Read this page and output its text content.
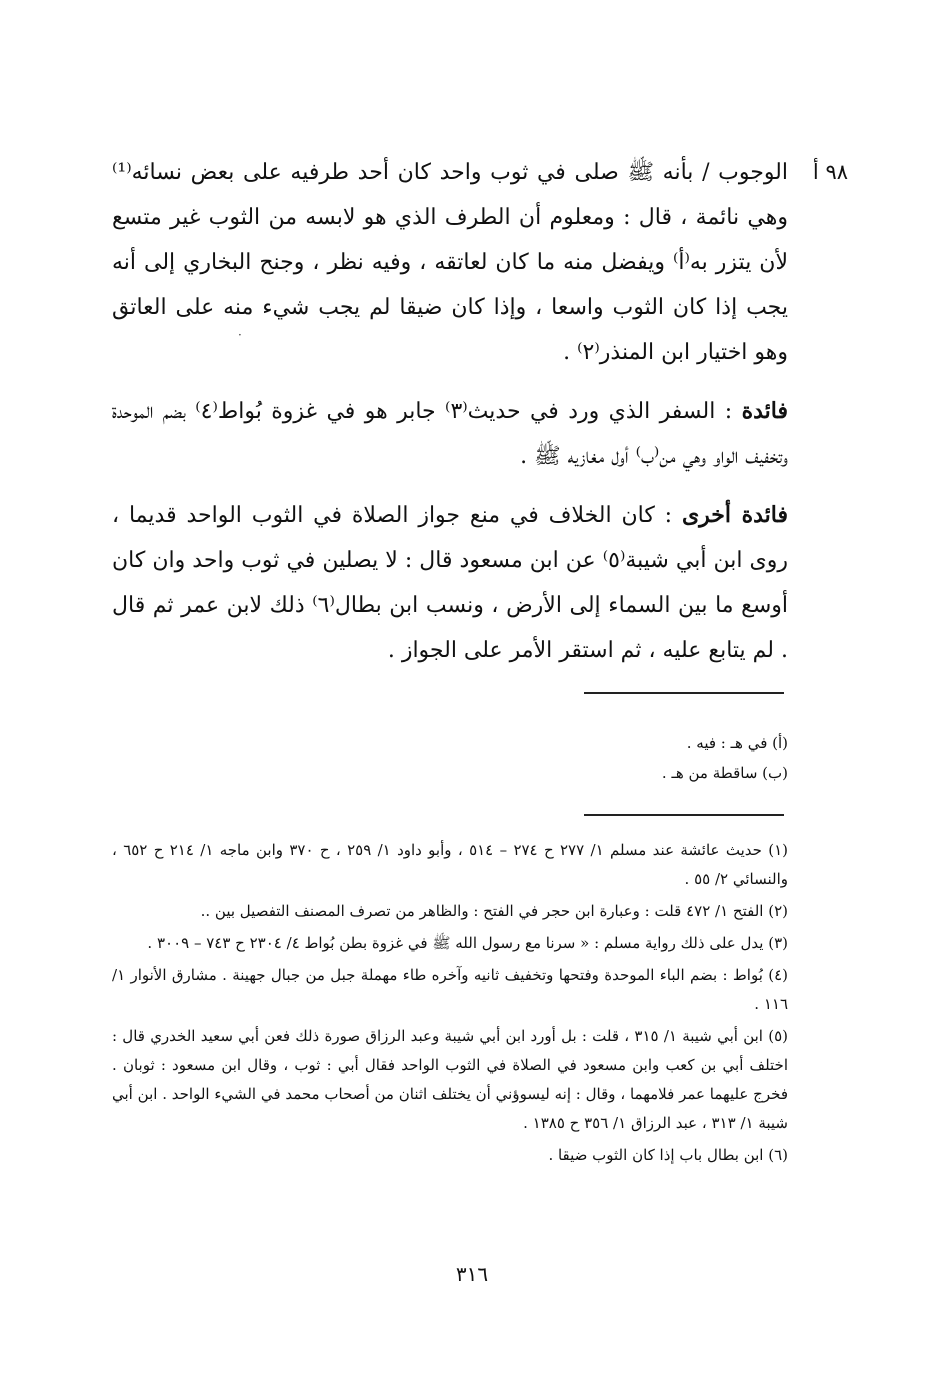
٩٨ أ

الوجوب / بأنه ﷺ صلى في ثوب واحد كان أحد طرفيه على بعض نسائه⁽¹⁾ وهي نائمة ، قال : ومعلوم أن الطرف الذي هو لابسه من الثوب غير متسع لأن يتزر به⁽أ⁾ ويفضل منه ما كان لعاتقه ، وفيه نظر ، وجنح البخاري إلى أنه يجب إذا كان الثوب واسعا ، وإذا كان ضيقا لم يجب شيء منه على العاتق وهو اختيار ابن المنذر⁽٢⁾ .

فائدة : السفر الذي ورد في حديث⁽٣⁾ جابر هو في غزوة بُواط⁽٤⁾ بضم الموحدة وتخفيف الواو وهي من⁽ب⁾ أول مغازيه ﷺ .

فائدة أخرى : كان الخلاف في منع جواز الصلاة في الثوب الواحد قديما ، روى ابن أبي شيبة⁽٥⁾ عن ابن مسعود قال : لا يصلين في ثوب واحد وان كان أوسع ما بين السماء إلى الأرض ، ونسب ابن بطال⁽٦⁾ ذلك لابن عمر ثم قال . لم يتابع عليه ، ثم استقر الأمر على الجواز .

·
(أ) في هـ : فيه .
(ب) ساقطة من هـ .

(١) حديث عائشة عند مسلم ١/ ٢٧٧ ح ٢٧٤ – ٥١٤ ، وأبو داود ١/ ٢٥٩ ، ح ٣٧٠ وابن ماجه ١/ ٢١٤ ح ٦٥٢ ، والنسائي ٢/ ٥٥ .

(٢) الفتح ١/ ٤٧٢ قلت : وعبارة ابن حجر في الفتح : والظاهر من تصرف المصنف التفصيل بين ..

(٣) يدل على ذلك رواية مسلم : « سرنا مع رسول الله ﷺ في غزوة بطن بُواط ٤/ ٢٣٠٤ ح ٧٤٣ – ٣٠٠٩ .

(٤) بُواط : بضم الباء الموحدة وفتحها وتخفيف ثانيه وآخره طاء مهملة جبل من جبال جهينة . مشارق الأنوار ١/ ١١٦ .

(٥) ابن أبي شيبة ١/ ٣١٥ ، قلت : بل أورد ابن أبي شيبة وعبد الرزاق صورة ذلك فعن أبي سعيد الخدري قال : اختلف أبي بن كعب وابن مسعود في الصلاة في الثوب الواحد فقال أبي : ثوب ، وقال ابن مسعود : ثوبان . فخرج عليهما عمر فلامهما ، وقال : إنه ليسوؤني أن يختلف اثنان من أصحاب محمد في الشيء الواحد . ابن أبي شيبة ١/ ٣١٣ ، عبد الرزاق ١/ ٣٥٦ ح ١٣٨٥ .

(٦) ابن بطال باب إذا كان الثوب ضيقا .

٣١٦
